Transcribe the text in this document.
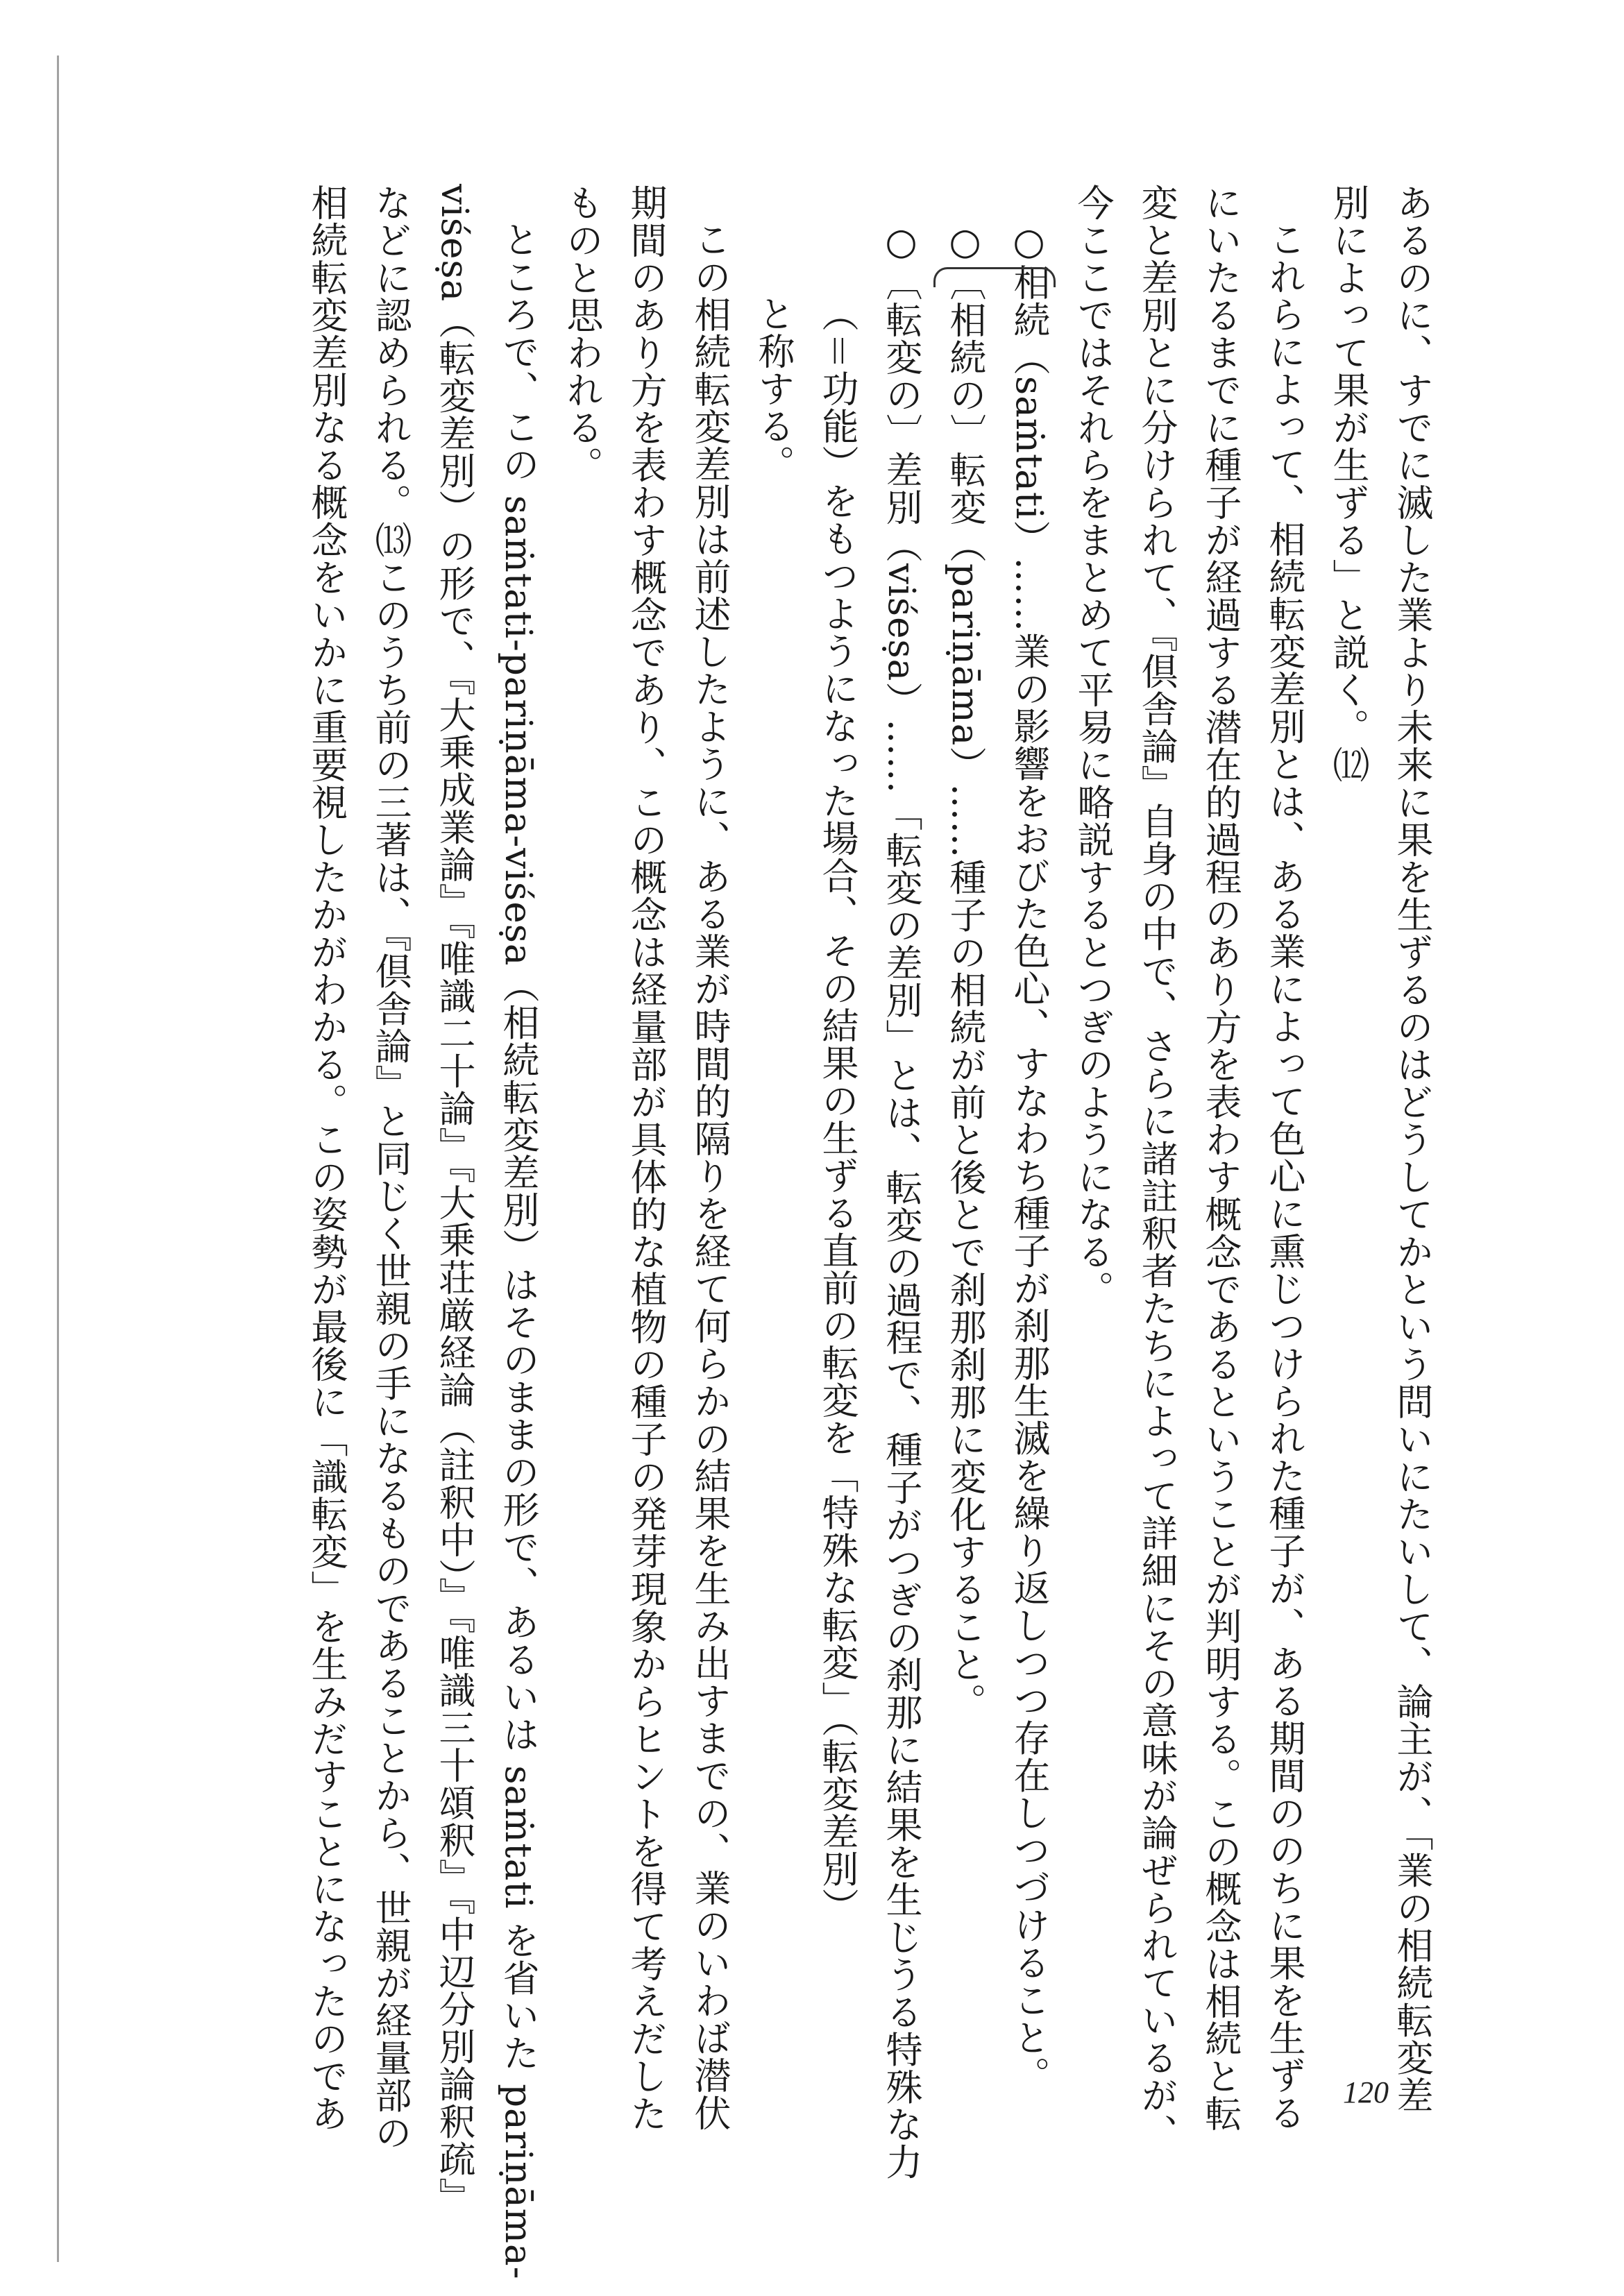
あるのに、すでに滅した業より未来に果を生ずるのはどうしてかという問いにたいして、論主が、「業の相続転変差
別によって果が生ずる」と説く。⑿
これらによって、相続転変差別とは、ある業によって色心に熏じつけられた種子が、ある期間ののちに果を生ずる
にいたるまでに種子が経過する潜在的過程のあり方を表わす概念であるということが判明する。この概念は相続と転
変と差別とに分けられて、『倶舎論』自身の中で、さらに諸註釈者たちによって詳細にその意味が論ぜられているが、
今ここではそれらをまとめて平易に略説するとつぎのようになる。
○相続（saṁtati）……業の影響をおびた色心、すなわち種子が刹那生滅を繰り返しつつ存在しつづけること。
○〔相続の〕転変（pariṇāma）……種子の相続が前と後とで刹那刹那に変化すること。
○〔転変の〕差別（viśeṣa）……「転変の差別」とは、転変の過程で、種子がつぎの刹那に結果を生じうる特殊な力
（＝功能）をもつようになった場合、その結果の生ずる直前の転変を「特殊な転変」（転変差別）
と称する。
この相続転変差別は前述したように、ある業が時間的隔りを経て何らかの結果を生み出すまでの、業のいわば潜伏
期間のあり方を表わす概念であり、この概念は経量部が具体的な植物の種子の発芽現象からヒントを得て考えだした
ものと思われる。
ところで、この saṁtati-pariṇāma-viśeṣa（相続転変差別）はそのままの形で、あるいは saṁtati を省いた pariṇāma-
viśeṣa（転変差別）の形で、『大乗成業論』『唯識二十論』『大乗荘厳経論（註釈中）』『唯識三十頌釈』『中辺分別論釈疏』
などに認められる。⒀このうち前の三著は、『倶舎論』と同じく世親の手になるものであることから、世親が経量部の
相続転変差別なる概念をいかに重要視したかがわかる。この姿勢が最後に「識転変」を生みだすことになったのであ	120
